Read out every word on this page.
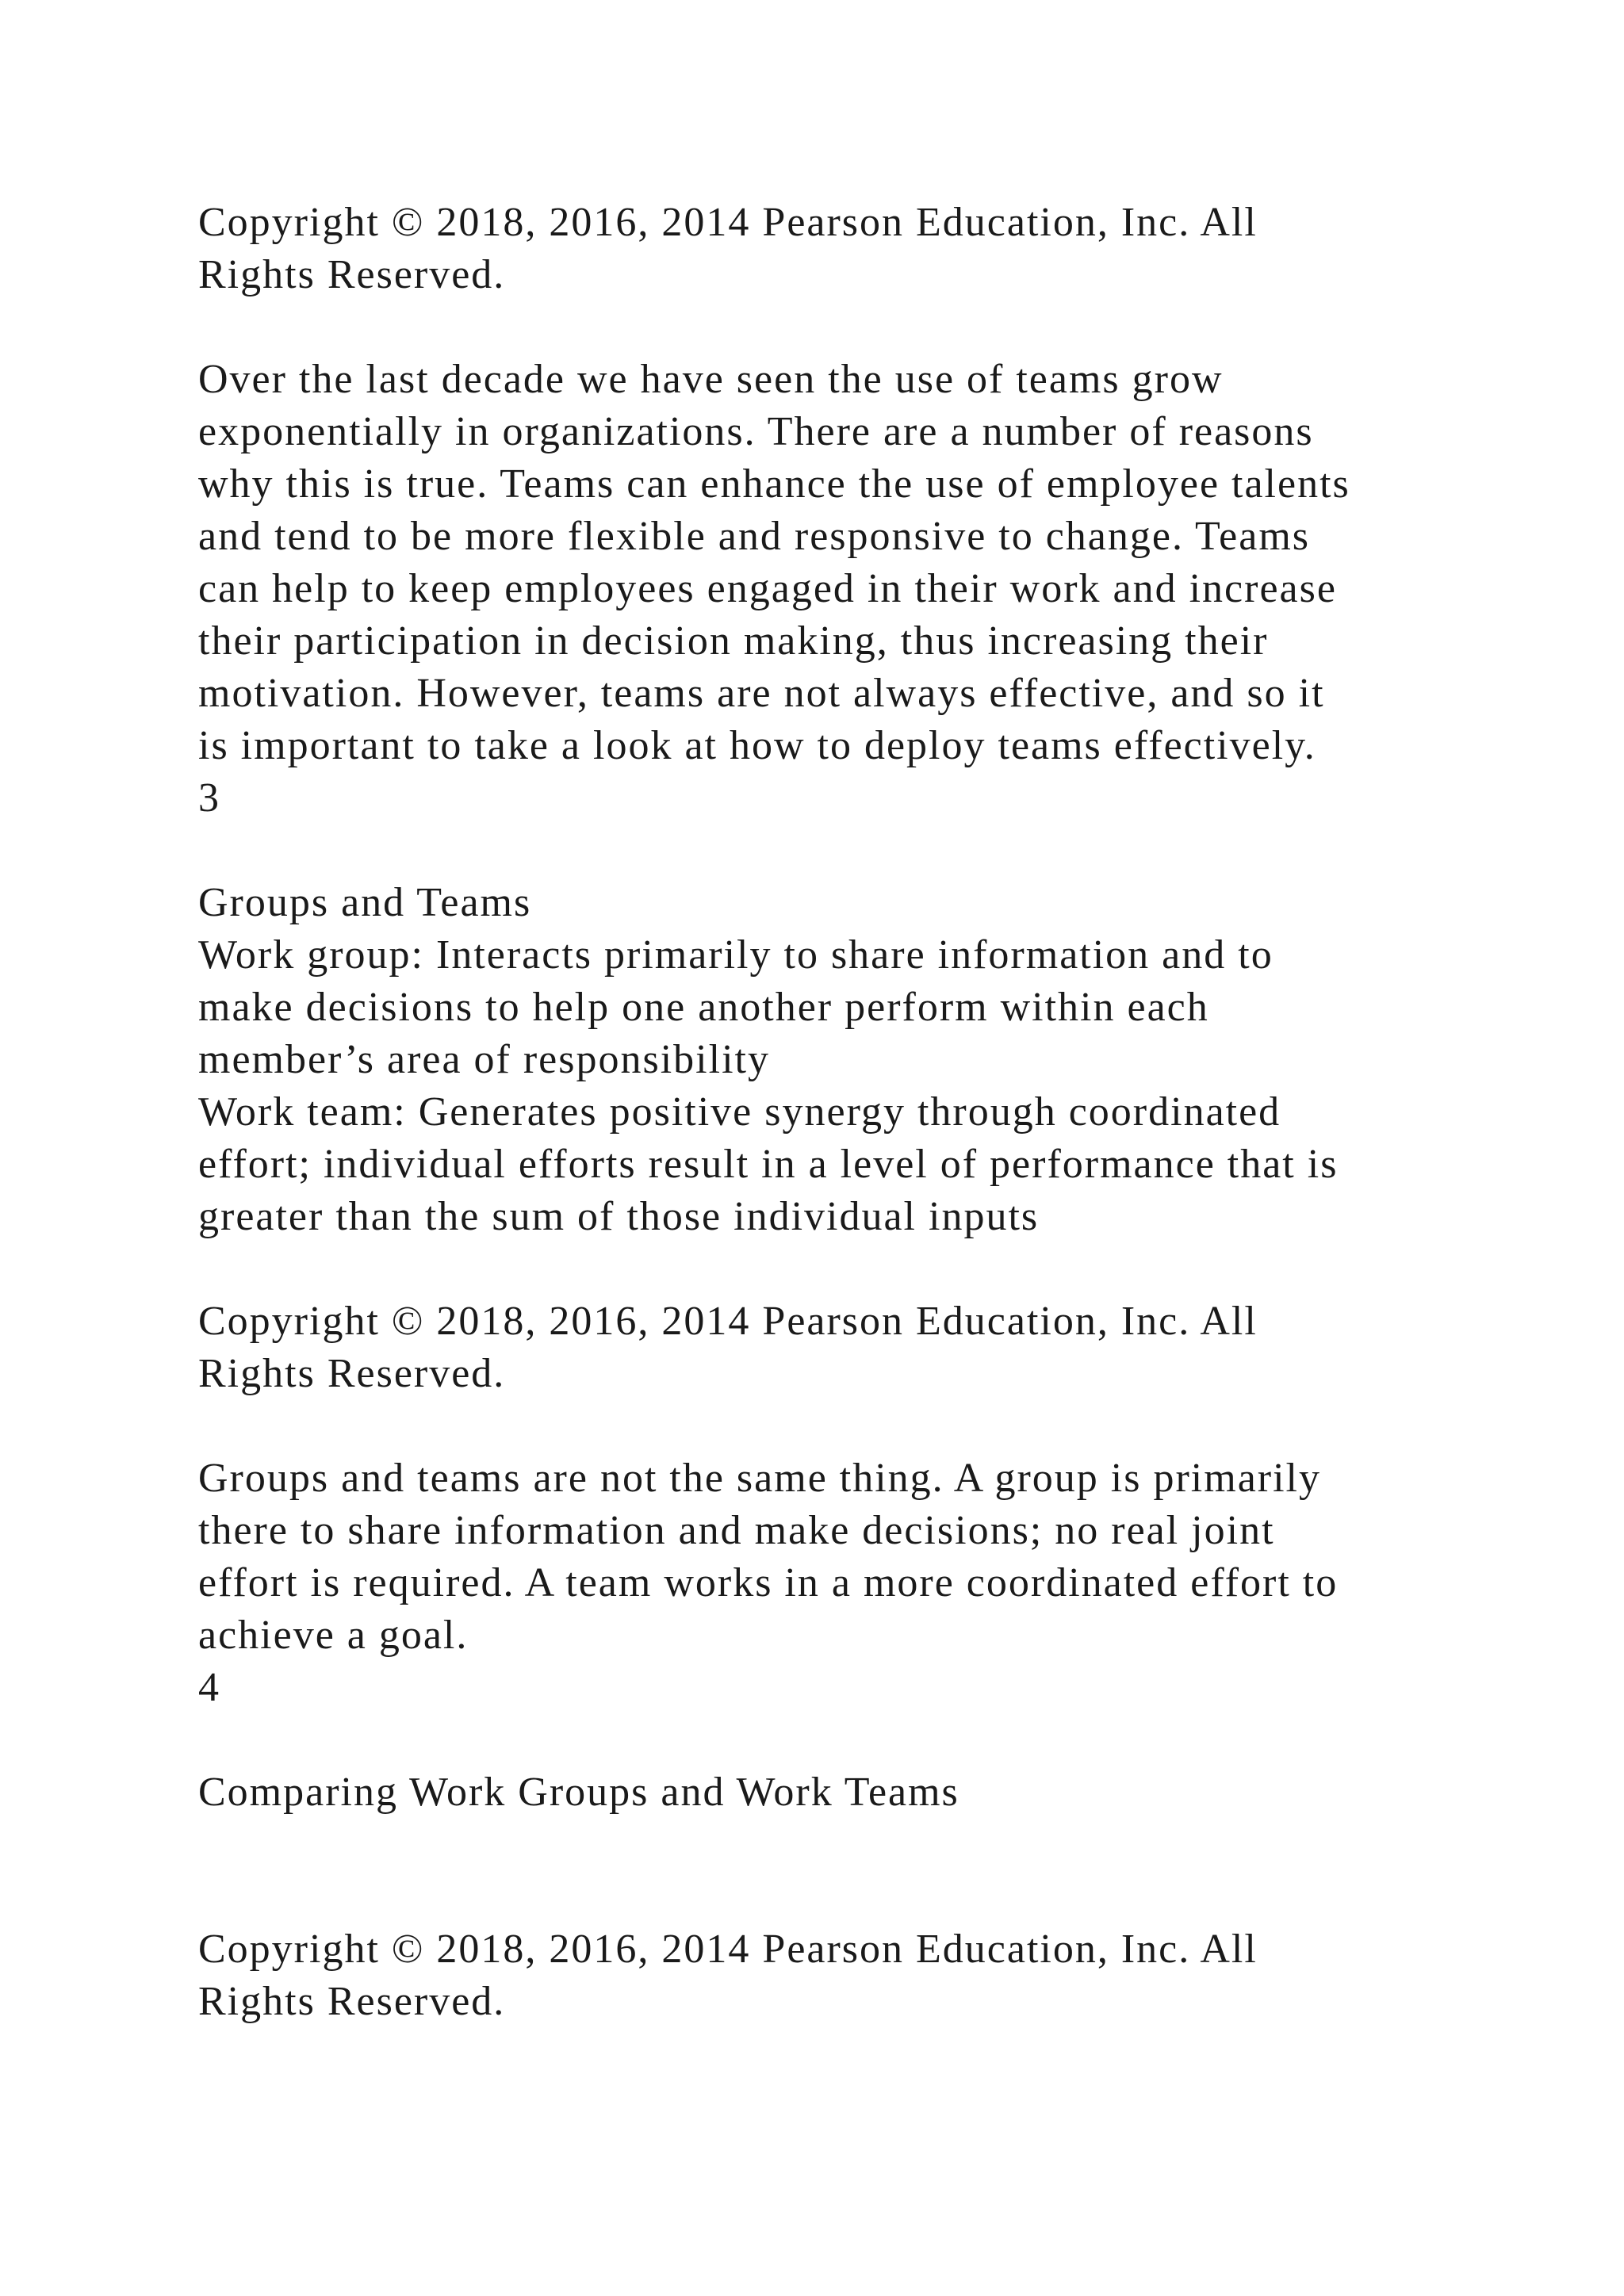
Copyright © 2018, 2016, 2014 Pearson Education, Inc. All
Rights Reserved.
Over the last decade we have seen the use of teams grow
exponentially in organizations. There are a number of reasons
why this is true. Teams can enhance the use of employee talents
and tend to be more flexible and responsive to change. Teams
can help to keep employees engaged in their work and increase
their participation in decision making, thus increasing their
motivation. However, teams are not always effective, and so it
is important to take a look at how to deploy teams effectively.
3
Groups and Teams
Work group: Interacts primarily to share information and to
make decisions to help one another perform within each
member’s area of responsibility
Work team: Generates positive synergy through coordinated
effort; individual efforts result in a level of performance that is
greater than the sum of those individual inputs
Copyright © 2018, 2016, 2014 Pearson Education, Inc. All
Rights Reserved.
Groups and teams are not the same thing. A group is primarily
there to share information and make decisions; no real joint
effort is required. A team works in a more coordinated effort to
achieve a goal.
4
Comparing Work Groups and Work Teams
Copyright © 2018, 2016, 2014 Pearson Education, Inc. All
Rights Reserved.
